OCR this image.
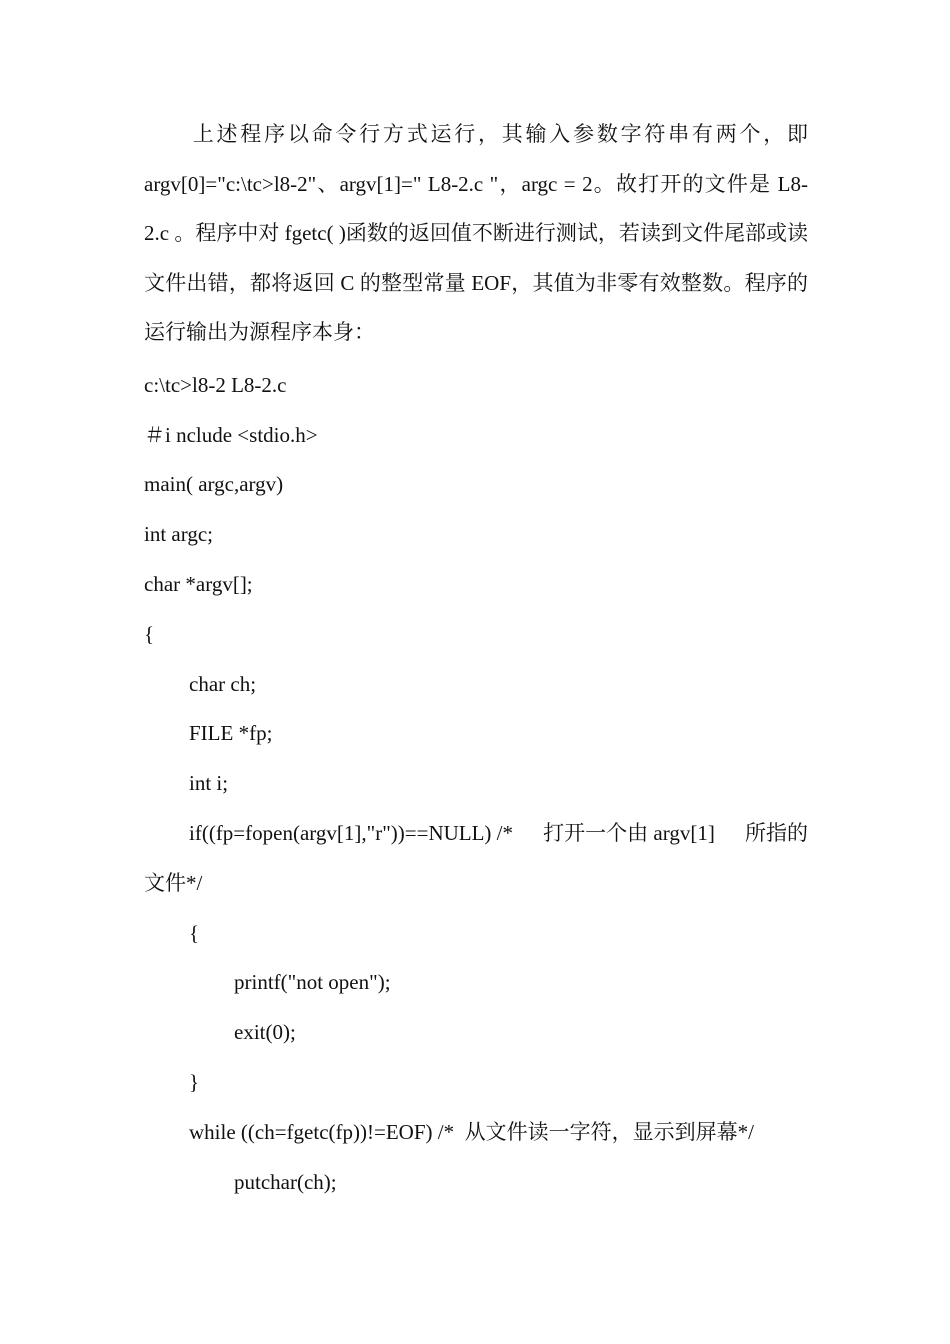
上述程序以命令行方式运行，其输入参数字符串有两个，即 argv[0]="c:\tc>l8-2"、argv[1]=" L8-2.c "，argc = 2。故打开的文件是 L8-2.c 。程序中对 fgetc( )函数的返回值不断进行测试，若读到文件尾部或读文件出错，都将返回 C 的整型常量 EOF，其值为非零有效整数。程序的运行输出为源程序本身：

c:\tc>l8-2 L8-2.c
＃i nclude <stdio.h>
main( argc,argv)
int argc;
char *argv[];
{
char ch;
FILE *fp;
int i;
if((fp=fopen(argv[1],"r"))==NULL) /* 打开一个由 argv[1] 所指的
文件*/
{
printf("not open");
exit(0);
}
while ((ch=fgetc(fp))!=EOF) /*  从文件读一字符，显示到屏幕*/
putchar(ch);
